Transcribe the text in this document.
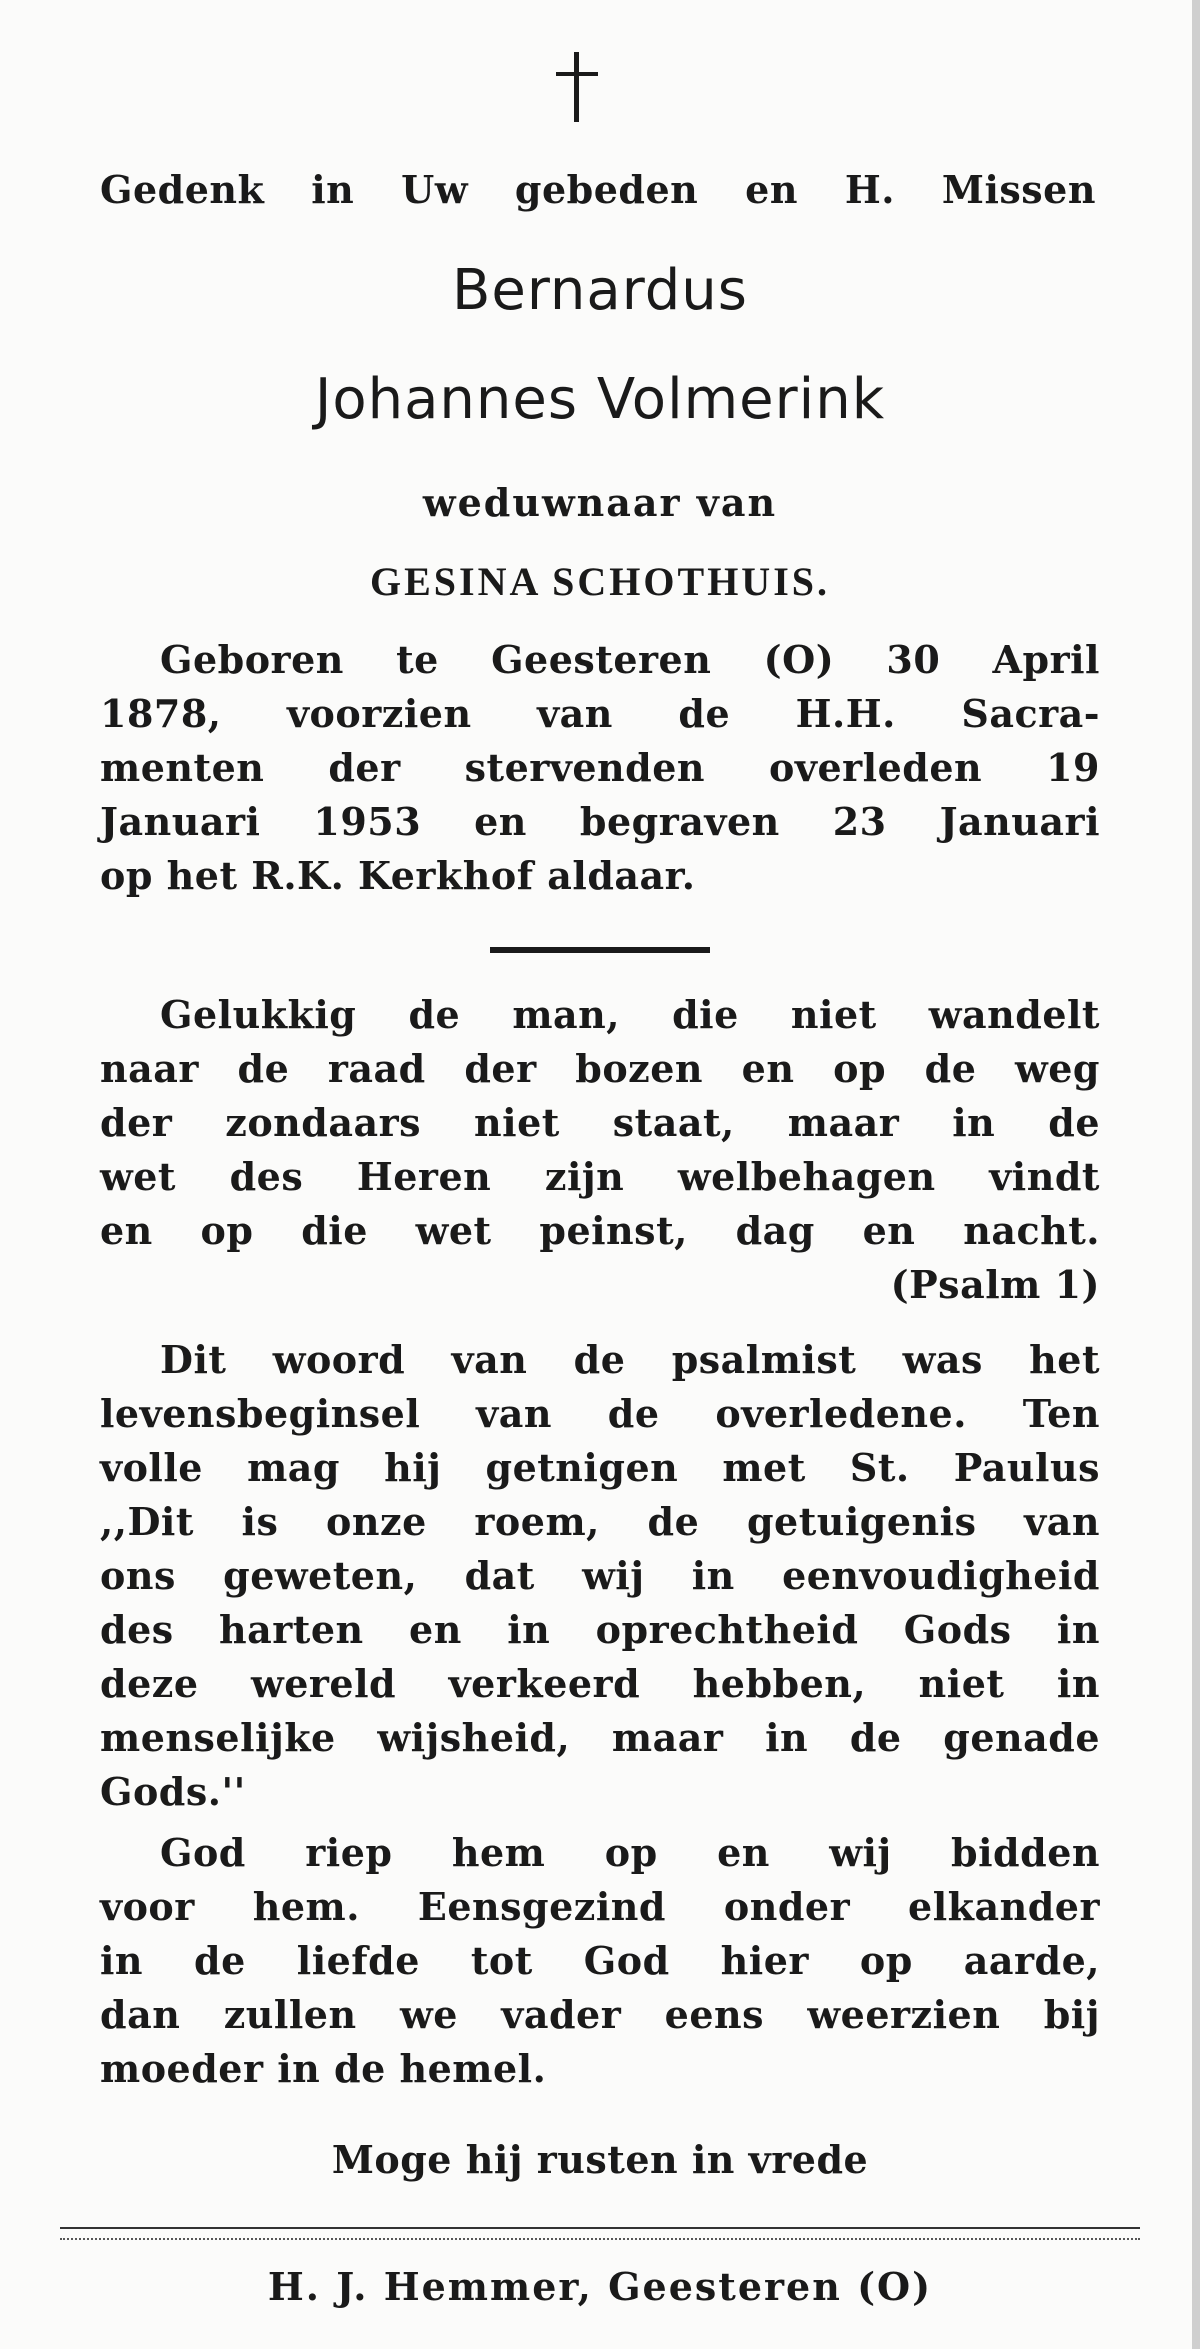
Gedenk in Uw gebeden en H. Missen
Bernardus
Johannes Volmerink
weduwnaar van
GESINA SCHOTHUIS.
Geboren te Geesteren (O) 30 April
1878, voorzien van de H.H. Sacra-
menten der stervenden overleden 19
Januari 1953 en begraven 23 Januari
op het R.K. Kerkhof aldaar.
Gelukkig de man, die niet wandelt
naar de raad der bozen en op de weg
der zondaars niet staat, maar in de
wet des Heren zijn welbehagen vindt
en op die wet peinst, dag en nacht.
(Psalm 1)
Dit woord van de psalmist was het
levensbeginsel van de overledene. Ten
volle mag hij getnigen met St. Paulus
,,Dit is onze roem, de getuigenis van
ons geweten, dat wij in eenvoudigheid
des harten en in oprechtheid Gods in
deze wereld verkeerd hebben, niet in
menselijke wijsheid, maar in de genade
Gods.''
God riep hem op en wij bidden
voor hem. Eensgezind onder elkander
in de liefde tot God hier op aarde,
dan zullen we vader eens weerzien bij
moeder in de hemel.
Moge hij rusten in vrede
H. J. Hemmer, Geesteren (O)
